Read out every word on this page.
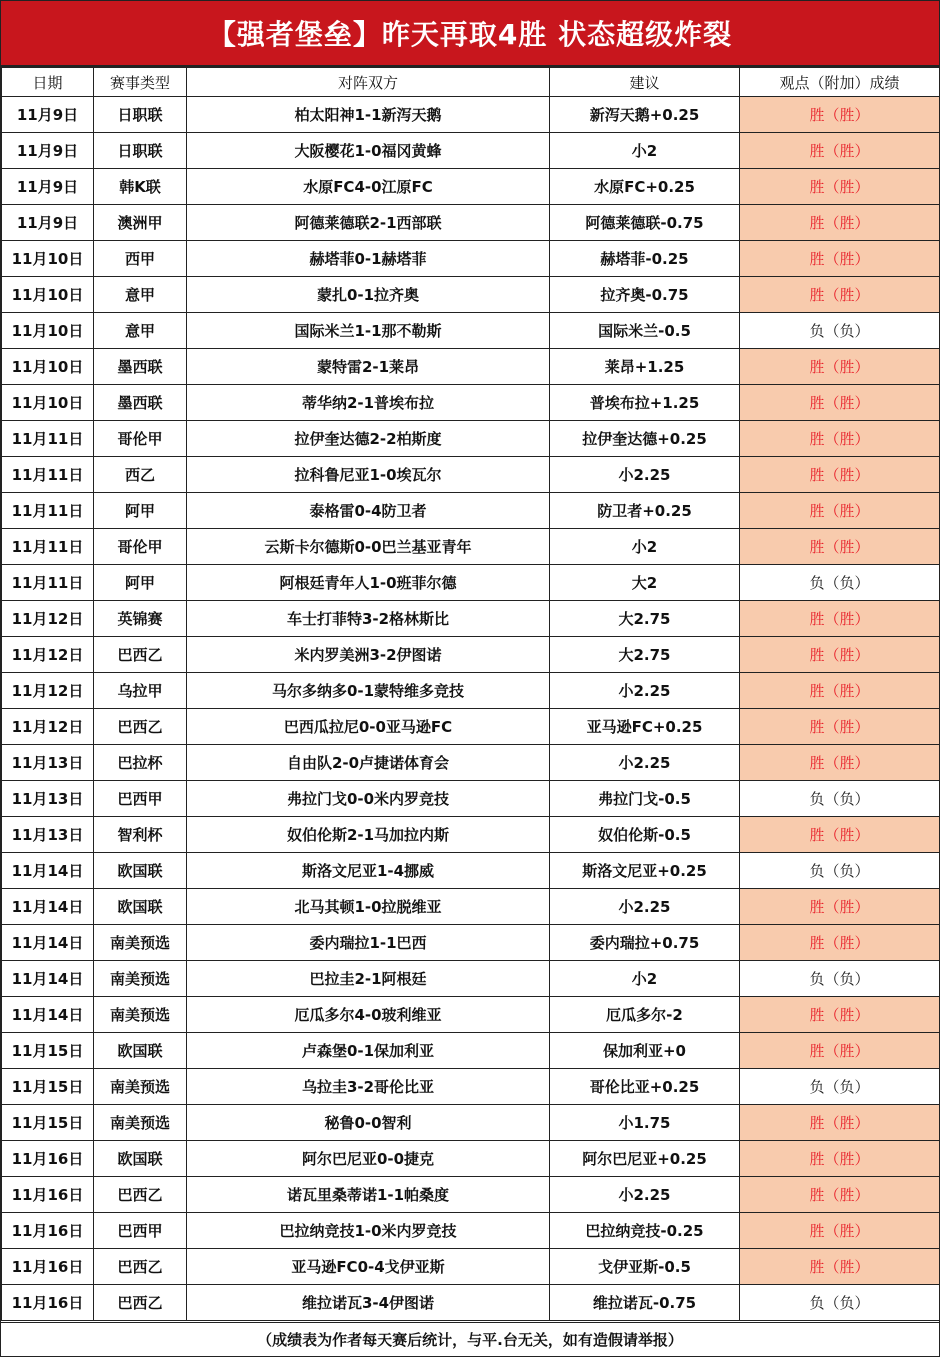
【强者堡垒】昨天再取4胜 状态超级炸裂
日期	赛事类型	对阵双方	建议	观点（附加）成绩
11月9日	日职联	柏太阳神1-1新泻天鹅	新泻天鹅+0.25	胜（胜）
11月9日	日职联	大阪樱花1-0福冈黄蜂	小2	胜（胜）
11月9日	韩K联	水原FC4-0江原FC	水原FC+0.25	胜（胜）
11月9日	澳洲甲	阿德莱德联2-1西部联	阿德莱德联-0.75	胜（胜）
11月10日	西甲	赫塔菲0-1赫塔菲	赫塔菲-0.25	胜（胜）
11月10日	意甲	蒙扎0-1拉齐奥	拉齐奥-0.75	胜（胜）
11月10日	意甲	国际米兰1-1那不勒斯	国际米兰-0.5	负（负）
11月10日	墨西联	蒙特雷2-1莱昂	莱昂+1.25	胜（胜）
11月10日	墨西联	蒂华纳2-1普埃布拉	普埃布拉+1.25	胜（胜）
11月11日	哥伦甲	拉伊奎达德2-2柏斯度	拉伊奎达德+0.25	胜（胜）
11月11日	西乙	拉科鲁尼亚1-0埃瓦尔	小2.25	胜（胜）
11月11日	阿甲	泰格雷0-4防卫者	防卫者+0.25	胜（胜）
11月11日	哥伦甲	云斯卡尔德斯0-0巴兰基亚青年	小2	胜（胜）
11月11日	阿甲	阿根廷青年人1-0班菲尔德	大2	负（负）
11月12日	英锦赛	车士打菲特3-2格林斯比	大2.75	胜（胜）
11月12日	巴西乙	米内罗美洲3-2伊图诺	大2.75	胜（胜）
11月12日	乌拉甲	马尔多纳多0-1蒙特维多竞技	小2.25	胜（胜）
11月12日	巴西乙	巴西瓜拉尼0-0亚马逊FC	亚马逊FC+0.25	胜（胜）
11月13日	巴拉杯	自由队2-0卢捷诺体育会	小2.25	胜（胜）
11月13日	巴西甲	弗拉门戈0-0米内罗竞技	弗拉门戈-0.5	负（负）
11月13日	智利杯	奴伯伦斯2-1马加拉内斯	奴伯伦斯-0.5	胜（胜）
11月14日	欧国联	斯洛文尼亚1-4挪威	斯洛文尼亚+0.25	负（负）
11月14日	欧国联	北马其顿1-0拉脱维亚	小2.25	胜（胜）
11月14日	南美预选	委内瑞拉1-1巴西	委内瑞拉+0.75	胜（胜）
11月14日	南美预选	巴拉圭2-1阿根廷	小2	负（负）
11月14日	南美预选	厄瓜多尔4-0玻利维亚	厄瓜多尔-2	胜（胜）
11月15日	欧国联	卢森堡0-1保加利亚	保加利亚+0	胜（胜）
11月15日	南美预选	乌拉圭3-2哥伦比亚	哥伦比亚+0.25	负（负）
11月15日	南美预选	秘鲁0-0智利	小1.75	胜（胜）
11月16日	欧国联	阿尔巴尼亚0-0捷克	阿尔巴尼亚+0.25	胜（胜）
11月16日	巴西乙	诺瓦里桑蒂诺1-1帕桑度	小2.25	胜（胜）
11月16日	巴西甲	巴拉纳竞技1-0米内罗竞技	巴拉纳竞技-0.25	胜（胜）
11月16日	巴西乙	亚马逊FC0-4戈伊亚斯	戈伊亚斯-0.5	胜（胜）
11月16日	巴西乙	维拉诺瓦3-4伊图诺	维拉诺瓦-0.75	负（负）
（成绩表为作者每天赛后统计，与平.台无关，如有造假请举报）
